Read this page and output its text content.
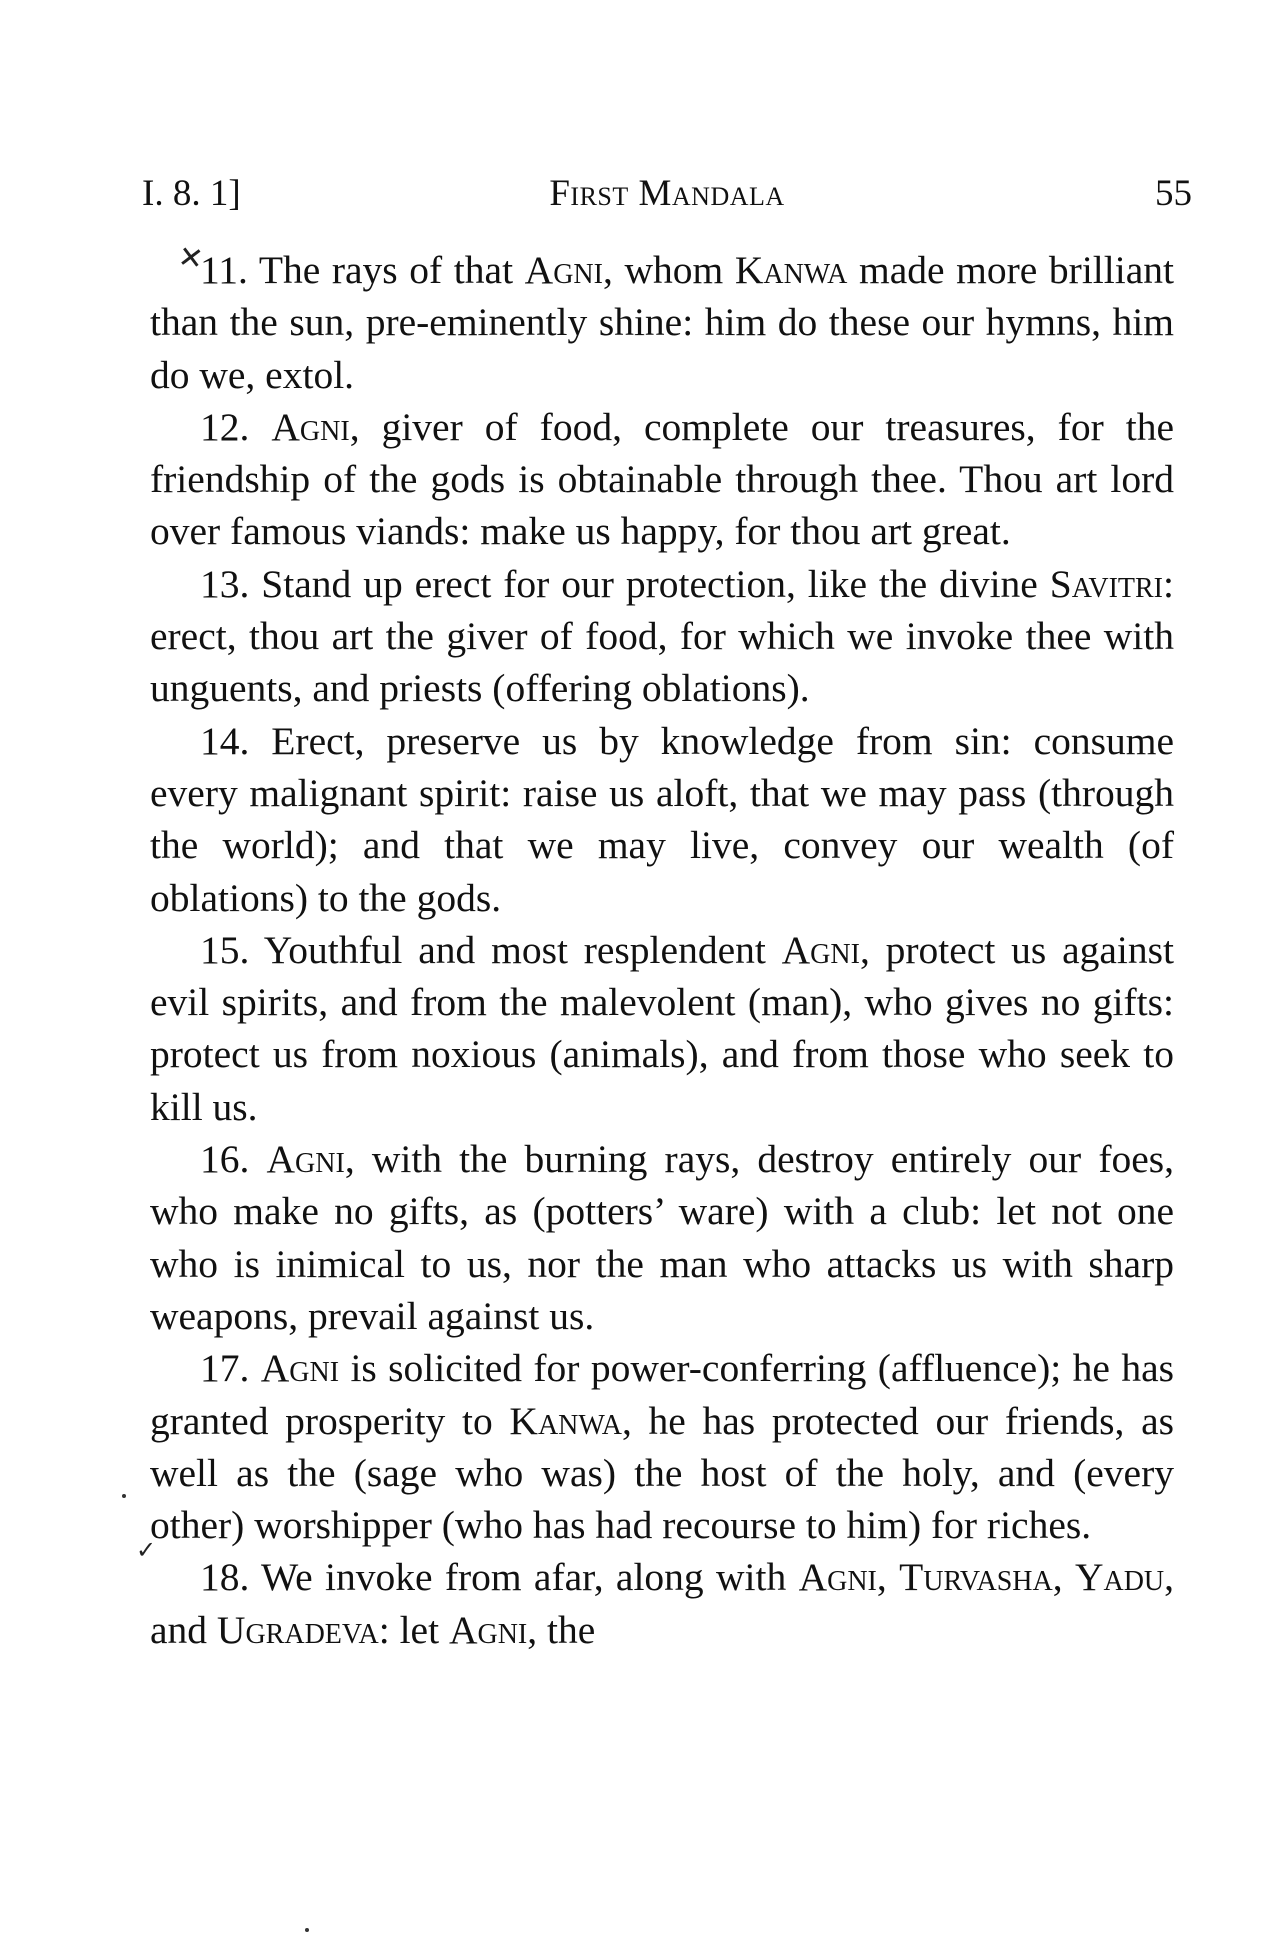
I. 8. 1]	First Mandala	55
✕
✓

11. The rays of that Agni, whom Kanwa made more brilliant than the sun, pre-eminently shine: him do these our hymns, him do we, extol.

12. Agni, giver of food, complete our treasures, for the friendship of the gods is obtainable through thee. Thou art lord over famous viands: make us happy, for thou art great.

13. Stand up erect for our protection, like the divine Savitri: erect, thou art the giver of food, for which we invoke thee with unguents, and priests (offering oblations).

14. Erect, preserve us by knowledge from sin: consume every malignant spirit: raise us aloft, that we may pass (through the world); and that we may live, convey our wealth (of oblations) to the gods.

15. Youthful and most resplendent Agni, protect us against evil spirits, and from the malevolent (man), who gives no gifts: protect us from noxious (animals), and from those who seek to kill us.

16. Agni, with the burning rays, destroy entirely our foes, who make no gifts, as (potters’ ware) with a club: let not one who is inimical to us, nor the man who attacks us with sharp weapons, prevail against us.

17. Agni is solicited for power-conferring (affluence); he has granted prosperity to Kanwa, he has protected our friends, as well as the (sage who was) the host of the holy, and (every other) worshipper (who has had recourse to him) for riches.

18. We invoke from afar, along with Agni, Turvasha, Yadu, and Ugradeva: let Agni, the
